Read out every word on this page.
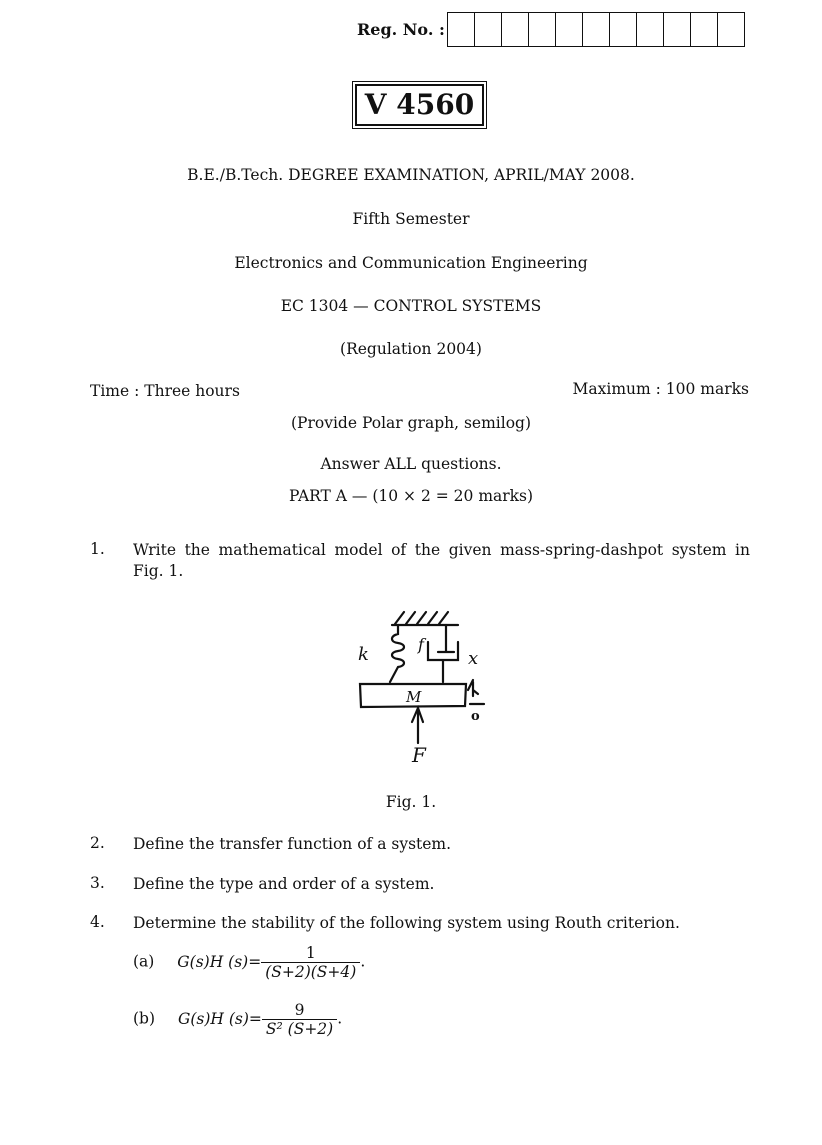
Reg. No. :
V 4560
B.E./B.Tech. DEGREE EXAMINATION, APRIL/MAY 2008.
Fifth Semester
Electronics and Communication Engineering
EC 1304 — CONTROL SYSTEMS
(Regulation 2004)
Time : Three hours	Maximum : 100 marks
(Provide Polar graph, semilog)
Answer ALL questions.
PART A — (10 × 2 = 20 marks)
1. Write the mathematical model of the given mass-spring-dashpot system in Fig. 1.
k	f
x
M
F
o
Fig. 1.
2. Define the transfer function of a system.
3. Define the type and order of a system.
4. Determine the stability of the following system using Routh criterion.
(a) G(s)H $(s)= \frac{1}{(S+2)(S+4)}$ .
(b) G(s)H $(s)= \frac{9}{\text{S² (S+2)}}$ .
